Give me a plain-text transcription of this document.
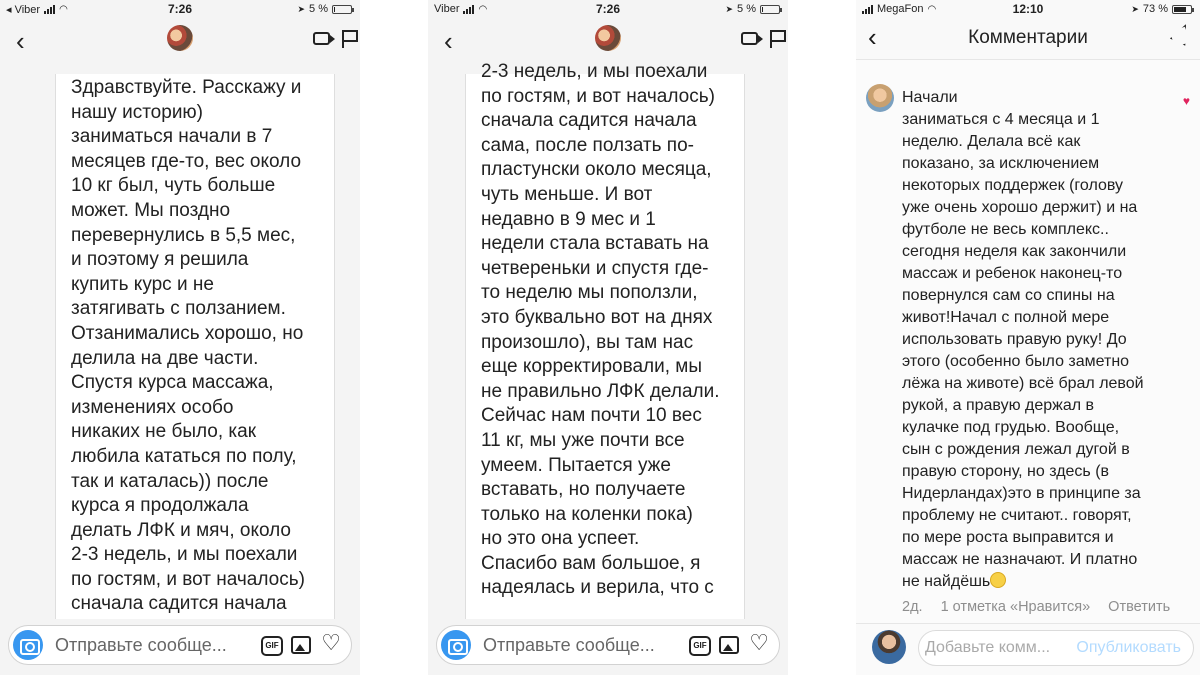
◂ Viber ◠	7:26	➤ 5 %
‹
Здравствуйте. Расскажу и
нашу историю)
заниматься начали в 7
месяцев где-то, вес около
10 кг был, чуть больше
может. Мы поздно
перевернулись в 5,5 мес,
и поэтому я решила
купить курс и не
затягивать с ползанием.
Отзанимались хорошо, но
делила на две части.
Спустя курса массажа,
изменениях особо
никаких не было, как
любила кататься по полу,
так и каталась)) после
курса я продолжала
делать ЛФК и мяч, около
2-3 недель, и мы поехали
по гостям, и вот началось)
сначала садится начала
Отправьте сообще...
GIF ♡
Viber ◠	7:26	➤ 5 %
‹
2-3 недель, и мы поехали
по гостям, и вот началось)
сначала садится начала
сама, после ползать по-
пластунски около месяца,
чуть меньше. И вот
недавно в 9 мес и 1
недели стала вставать на
четвереньки и спустя где-
то неделю мы поползли,
это буквально вот на днях
произошло), вы там нас
еще корректировали, мы
не правильно ЛФК делали.
Сейчас нам почти 10 вес
11 кг, мы уже почти все
умеем. Пытается уже
вставать, но получаете
только на коленки пока)
но это она успеет.
Спасибо вам большое, я
надеялась и верила, что с
Отправьте сообще...
GIF ♡
MegaFon ◠	12:10	➤ 73 %
‹	Комментарии
Начали
заниматься с 4 месяца и 1
неделю. Делала всё как
показано, за исключением
некоторых поддержек (голову
уже очень хорошо держит) и на
футболе не весь комплекс..
сегодня неделя как закончили
массаж и ребенок наконец-то
повернулся сам со спины на
живот!Начал с полной мере
использовать правую руку! До
этого (особенно было заметно
лёжа на животе) всё брал левой
рукой, а правую держал в
кулачке под грудью. Вообще,
сын с рождения лежал дугой в
правую сторону, но здесь (в
Нидерландах)это в принципе за
проблему не считают.. говорят,
по мере роста выправится и
массаж не назначают. И платно
не найдёшь
♥
2д. 1 отметка «Нравится» Ответить
Добавьте комм...
Опубликовать
